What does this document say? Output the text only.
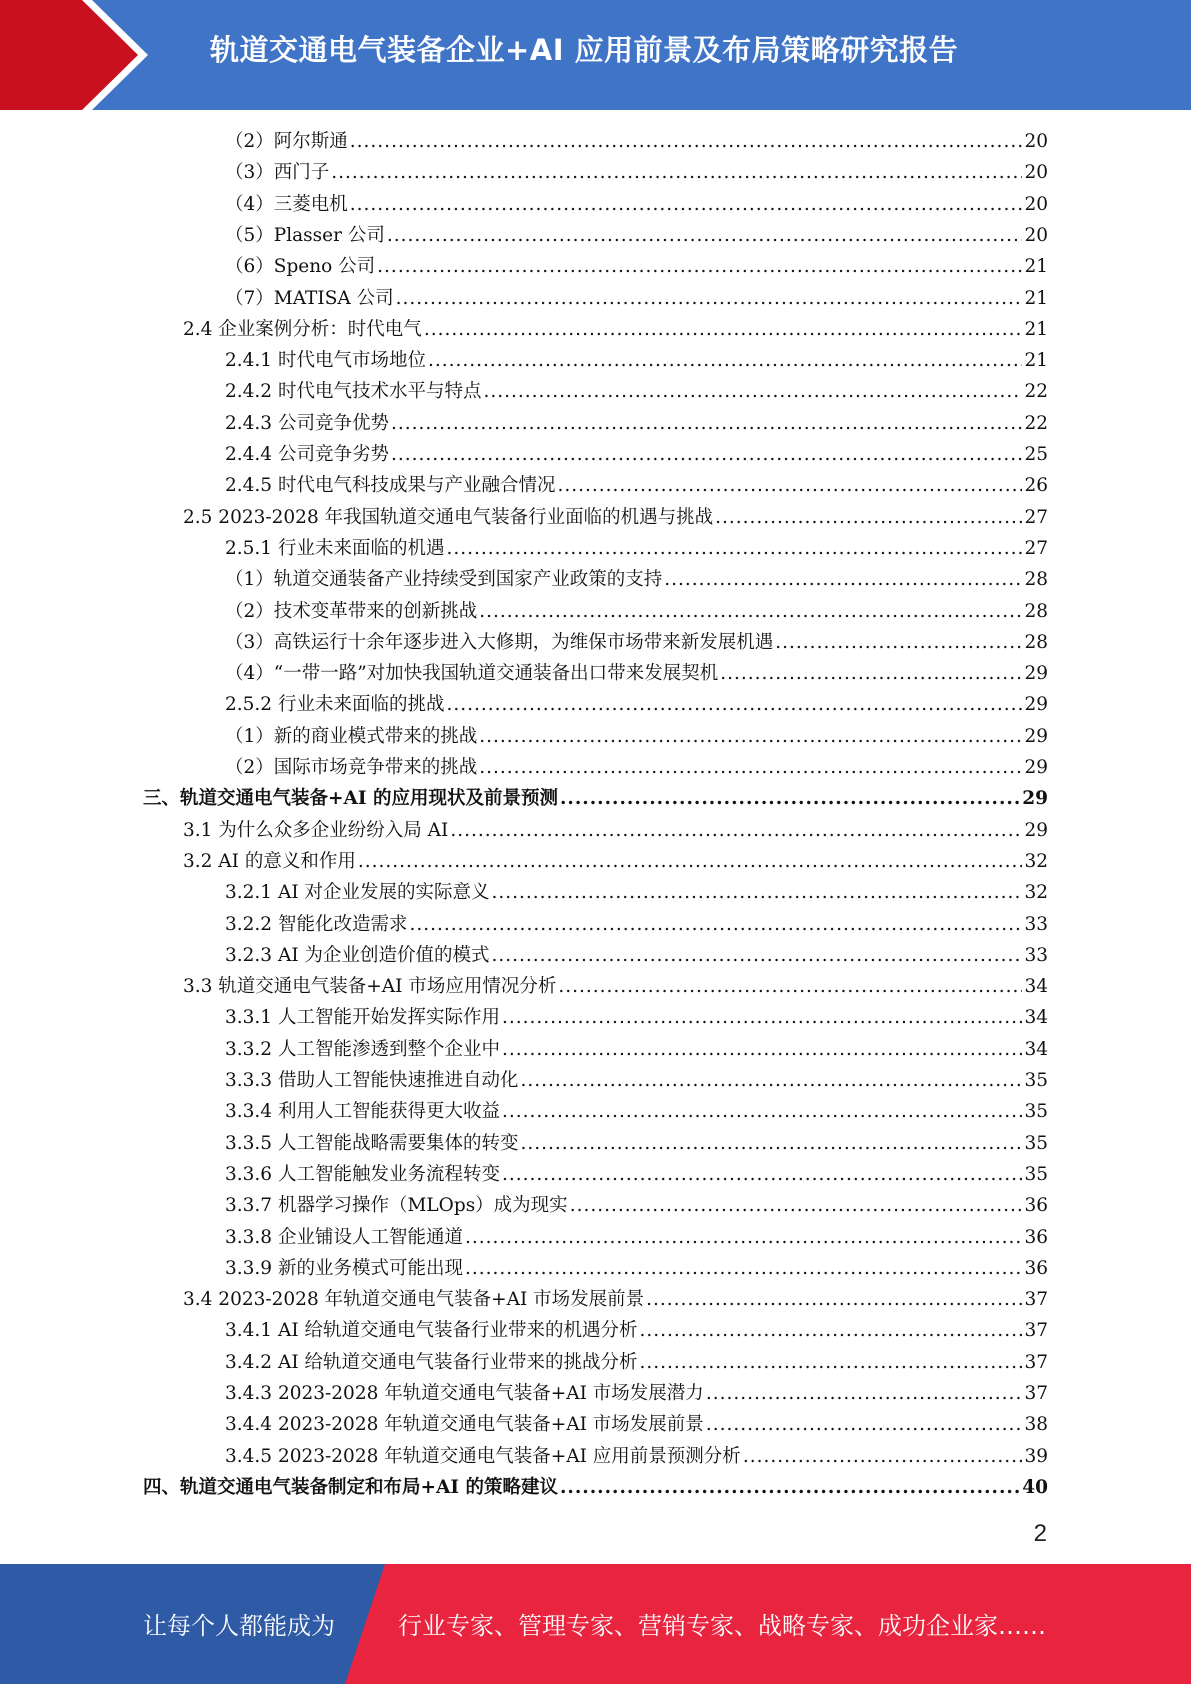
轨道交通电气装备企业+AI 应用前景及布局策略研究报告
（2）阿尔斯通 .....	20
（3）西门子 .....	20
（4）三菱电机 .....	20
（5）Plasser 公司 .....	20
（6）Speno 公司 .....	21
（7）MATISA 公司 .....	21
2.4 企业案例分析：时代电气 .....	21
2.4.1 时代电气市场地位 .....	21
2.4.2 时代电气技术水平与特点 .....	22
2.4.3 公司竞争优势 .....	22
2.4.4 公司竞争劣势 .....	25
2.4.5 时代电气科技成果与产业融合情况 .....	26
2.5 2023-2028 年我国轨道交通电气装备行业面临的机遇与挑战 .....	27
2.5.1 行业未来面临的机遇 .....	27
（1）轨道交通装备产业持续受到国家产业政策的支持 .....	28
（2）技术变革带来的创新挑战 .....	28
（3）高铁运行十余年逐步进入大修期，为维保市场带来新发展机遇 .....	28
（4）“一带一路”对加快我国轨道交通装备出口带来发展契机 .....	29
2.5.2 行业未来面临的挑战 .....	29
（1）新的商业模式带来的挑战 .....	29
（2）国际市场竞争带来的挑战 .....	29
三、轨道交通电气装备+AI 的应用现状及前景预测 .....	29
3.1 为什么众多企业纷纷入局 AI .....	29
3.2 AI 的意义和作用 .....	32
3.2.1 AI 对企业发展的实际意义 .....	32
3.2.2 智能化改造需求 .....	33
3.2.3 AI 为企业创造价值的模式 .....	33
3.3 轨道交通电气装备+AI 市场应用情况分析 .....	34
3.3.1 人工智能开始发挥实际作用 .....	34
3.3.2 人工智能渗透到整个企业中 .....	34
3.3.3 借助人工智能快速推进自动化 .....	35
3.3.4 利用人工智能获得更大收益 .....	35
3.3.5 人工智能战略需要集体的转变 .....	35
3.3.6 人工智能触发业务流程转变 .....	35
3.3.7 机器学习操作（MLOps）成为现实 .....	36
3.3.8 企业铺设人工智能通道 .....	36
3.3.9 新的业务模式可能出现 .....	36
3.4 2023-2028 年轨道交通电气装备+AI 市场发展前景 .....	37
3.4.1 AI 给轨道交通电气装备行业带来的机遇分析 .....	37
3.4.2 AI 给轨道交通电气装备行业带来的挑战分析 .....	37
3.4.3 2023-2028 年轨道交通电气装备+AI 市场发展潜力 .....	37
3.4.4 2023-2028 年轨道交通电气装备+AI 市场发展前景 .....	38
3.4.5 2023-2028 年轨道交通电气装备+AI 应用前景预测分析 .....	39
四、轨道交通电气装备制定和布局+AI 的策略建议 .....	40
2
让每个人都能成为	行业专家、管理专家、营销专家、战略专家、成功企业家……
